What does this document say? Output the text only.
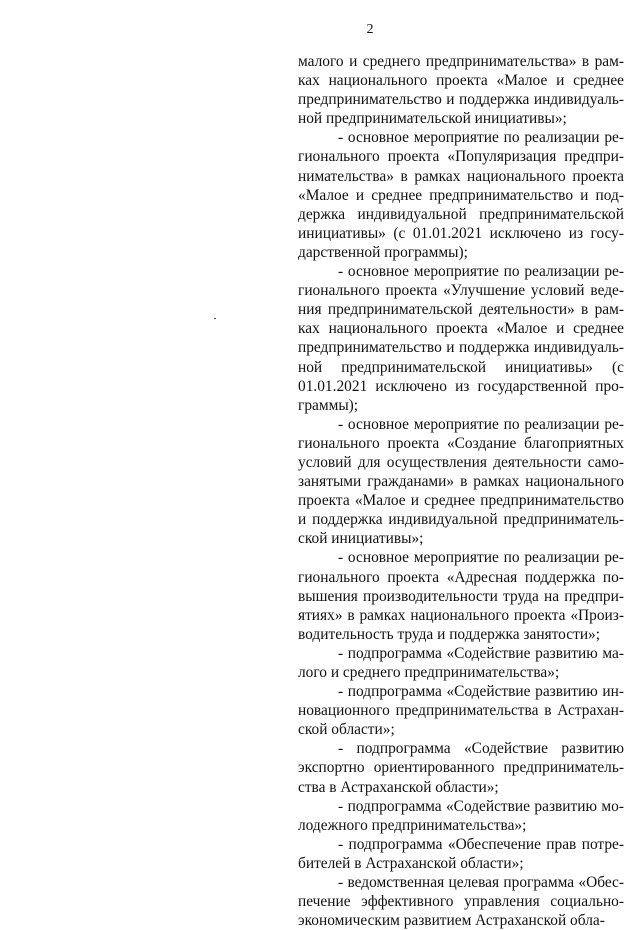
2
малого и среднего предпринимательства» в рам-
ках национального проекта «Малое и среднее
предпринимательство и поддержка индивидуаль-
ной предпринимательской инициативы»;
- основное мероприятие по реализации ре-
гионального проекта «Популяризация предпри-
нимательства» в рамках национального проекта
«Малое и среднее предпринимательство и под-
держка индивидуальной предпринимательской
инициативы» (с 01.01.2021 исключено из госу-
дарственной программы);
- основное мероприятие по реализации ре-
гионального проекта «Улучшение условий веде-
ния предпринимательской деятельности» в рам-
ках национального проекта «Малое и среднее
предпринимательство и поддержка индивидуаль-
ной предпринимательской инициативы» (с
01.01.2021 исключено из государственной про-
граммы);
- основное мероприятие по реализации ре-
гионального проекта «Создание благоприятных
условий для осуществления деятельности само-
занятыми гражданами» в рамках национального
проекта «Малое и среднее предпринимательство
и поддержка индивидуальной предприниматель-
ской инициативы»;
- основное мероприятие по реализации ре-
гионального проекта «Адресная поддержка по-
вышения производительности труда на предпри-
ятиях» в рамках национального проекта «Произ-
водительность труда и поддержка занятости»;
- подпрограмма «Содействие развитию ма-
лого и среднего предпринимательства»;
- подпрограмма «Содействие развитию ин-
новационного предпринимательства в Астрахан-
ской области»;
- подпрограмма «Содействие развитию
экспортно ориентированного предприниматель-
ства в Астраханской области»;
- подпрограмма «Содействие развитию мо-
лодежного предпринимательства»;
- подпрограмма «Обеспечение прав потре-
бителей в Астраханской области»;
- ведомственная целевая программа «Обес-
печение эффективного управления социально-
экономическим развитием Астраханской обла-
